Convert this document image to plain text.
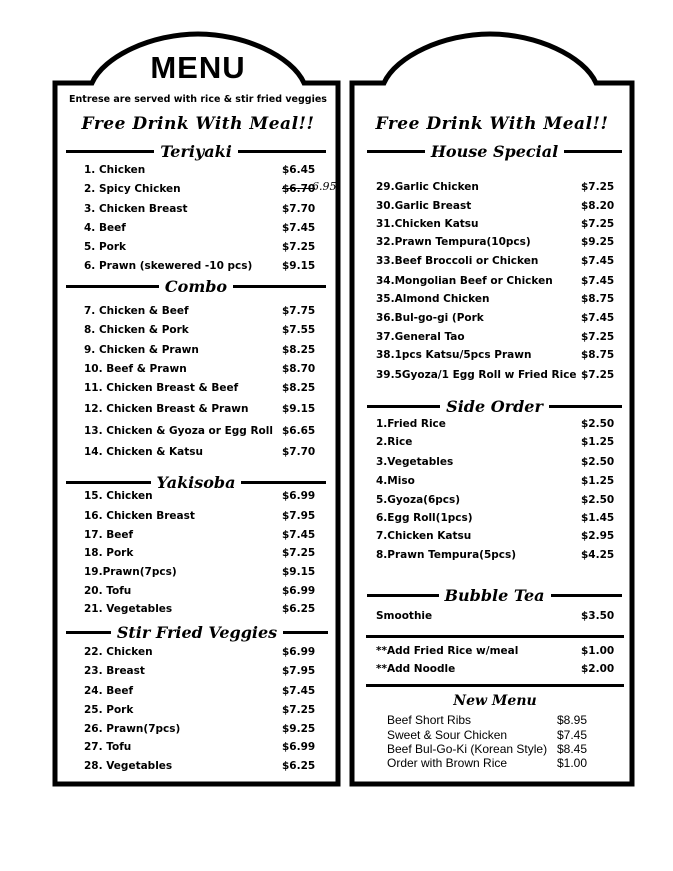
MENU
Entrese are served with rice & stir fried veggies
Free Drink With Meal!!
Teriyaki
1. Chicken	$6.45
2. Spicy Chicken	$6.70
6.95
3. Chicken Breast	$7.70
4. Beef	$7.45
5. Pork	$7.25
6. Prawn (skewered -10 pcs)	$9.15
Combo
7. Chicken & Beef	$7.75
8. Chicken & Pork	$7.55
9. Chicken & Prawn	$8.25
10. Beef & Prawn	$8.70
11. Chicken Breast & Beef	$8.25
12. Chicken Breast & Prawn	$9.15
13. Chicken & Gyoza or Egg Roll $6.65
14. Chicken & Katsu	$7.70
Yakisoba
15. Chicken	$6.99
16. Chicken Breast	$7.95
17. Beef	$7.45
18. Pork	$7.25
19.Prawn(7pcs)	$9.15
20. Tofu	$6.99
21. Vegetables	$6.25
Stir Fried Veggies
22. Chicken	$6.99
23. Breast	$7.95
24. Beef	$7.45
25. Pork	$7.25
26. Prawn(7pcs)	$9.25
27. Tofu	$6.99
28. Vegetables	$6.25
Free Drink With Meal!!
House Special
29.Garlic Chicken	$7.25
30.Garlic Breast	$8.20
31.Chicken Katsu	$7.25
32.Prawn Tempura(10pcs)	$9.25
33.Beef Broccoli or Chicken	$7.45
34.Mongolian Beef or Chicken	$7.45
35.Almond Chicken	$8.75
36.Bul-go-gi (Pork	$7.45
37.General Tao	$7.25
38.1pcs Katsu/5pcs Prawn	$8.75
39.5Gyoza/1 Egg Roll w Fried Rice $7.25
Side Order
1.Fried Rice	$2.50
2.Rice	$1.25
3.Vegetables	$2.50
4.Miso	$1.25
5.Gyoza(6pcs)	$2.50
6.Egg Roll(1pcs)	$1.45
7.Chicken Katsu	$2.95
8.Prawn Tempura(5pcs)	$4.25
Bubble Tea
Smoothie	$3.50
**Add Fried Rice w/meal	$1.00
**Add Noodle	$2.00
New Menu
Beef Short Ribs	$8.95
Sweet & Sour Chicken	$7.45
Beef Bul-Go-Ki (Korean Style) $8.45
Order with Brown Rice	$1.00
